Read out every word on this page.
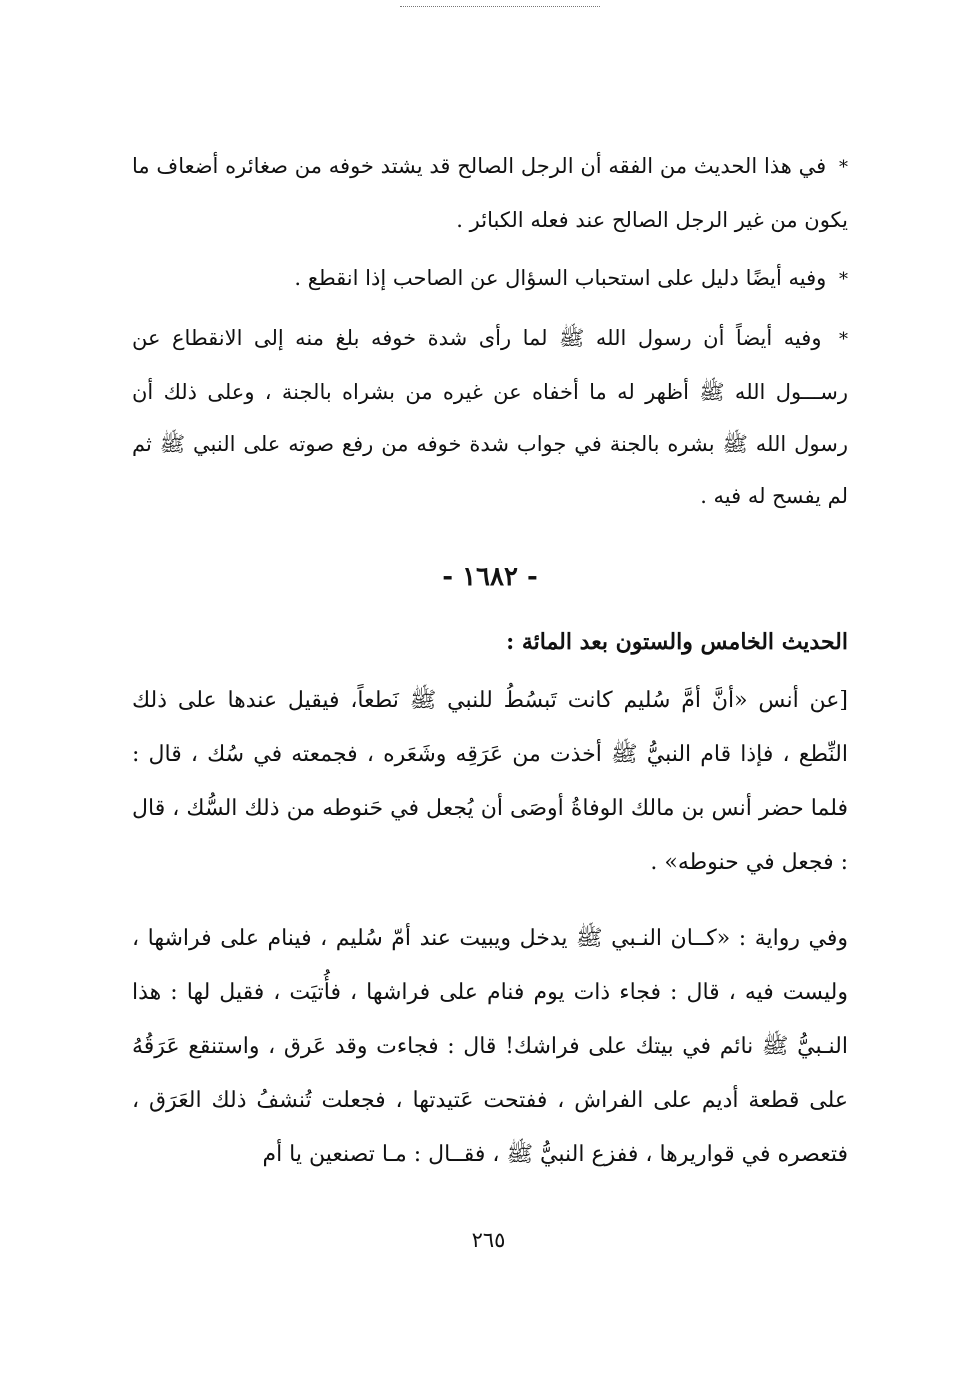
* في هذا الحديث من الفقه أن الرجل الصالح قد يشتد خوفه من صغائره أضعاف ما يكون من غير الرجل الصالح عند فعله الكبائر .

* وفيه أيضًا دليل على استحباب السؤال عن الصاحب إذا انقطع .

* وفيه أيضاً أن رسول الله ﷺ لما رأى شدة خوفه بلغ منه إلى الانقطاع عن رســـول الله ﷺ أظهر له ما أخفاه عن غيره من بشراه بالجنة ، وعلى ذلك أن رسول الله ﷺ بشره بالجنة في جواب شدة خوفه من رفع صوته على النبي ﷺ ثم لم يفسح له فيه .

- ١٦٨٢ -
الحديث الخامس والستون بعد المائة :

[عن أنس «أنَّ أمَّ سُليم كانت تَبسُطُ للنبي ﷺ نَطعاً، فيقيل عندها على ذلك النِّطع ، فإذا قام النبيُّ ﷺ أخذت من عَرَقِه وشَعَره ، فجمعته في سُك ، قال : فلما حضر أنس بن مالك الوفاةُ أوصَى أن يُجعل في حَنوطه من ذلك السُّك ، قال : فجعل في حنوطه» .

وفي رواية : «كــان النـبي ﷺ يدخل ويبيت عند أمّ سُليم ، فينام على فراشها ، وليست فيه ، قال : فجاء ذات يوم فنام على فراشها ، فأُتيَت ، فقيل لها : هذا النـبيُّ ﷺ نائم في بيتك على فراشك! قال : فجاءت وقد عَرق ، واستنقع عَرَقُهُ على قطعة أديم على الفراش ، ففتحت عَتيدتها ، فجعلت تُنشفُ ذلك العَرَق ، فتعصره في قواريرها ، ففزع النبيُّ ﷺ ، فقــال : مـا تصنعين يا أم

٢٦٥
